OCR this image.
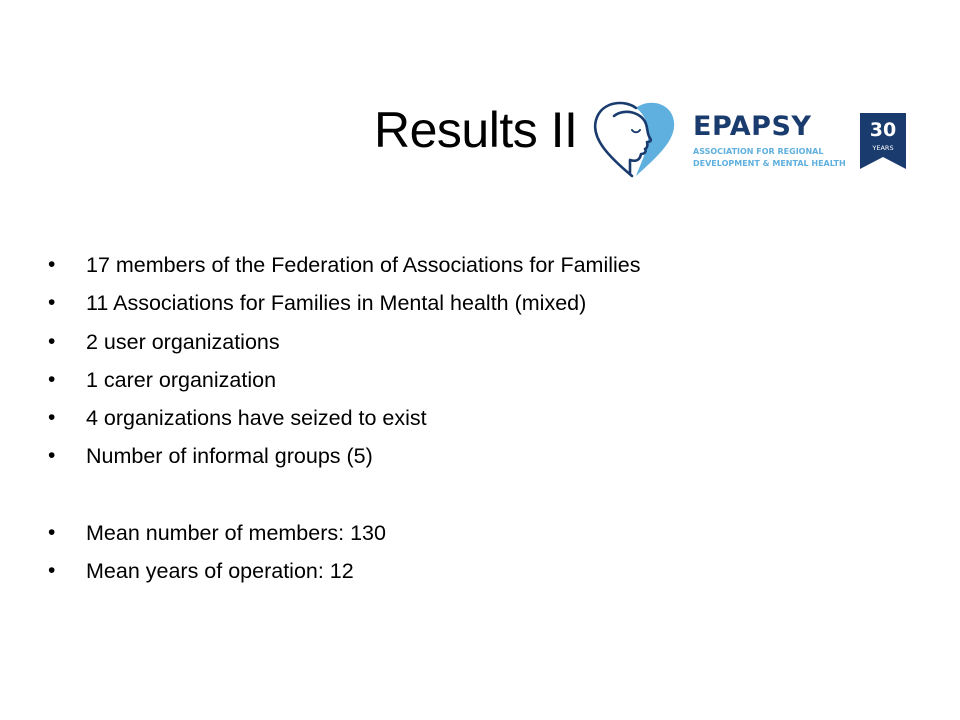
Results II	EPAPSY
ASSOCIATION FOR REGIONAL
DEVELOPMENT & MENTAL HEALTH
30
YEARS
•	17 members of the Federation of Associations for Families
•	11 Associations for Families in Mental health (mixed)
•	2 user organizations
•	1 carer organization
•	4 organizations have seized to exist
•	Number of informal groups (5)
•	Mean number of members: 130
•	Mean years of operation: 12
